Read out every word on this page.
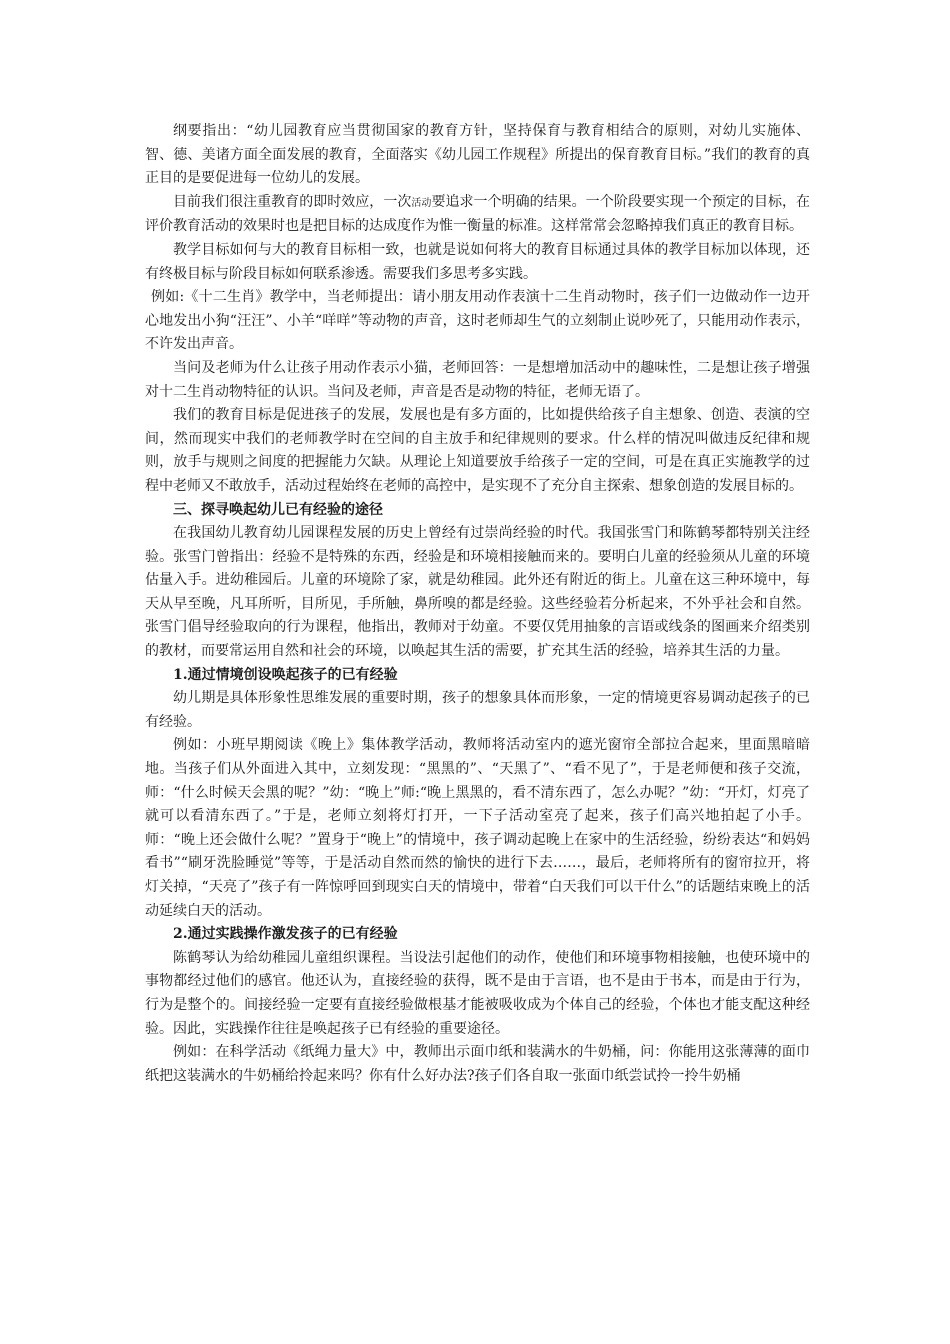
纲要指出：“幼儿园教育应当贯彻国家的教育方针，坚持保育与教育相结合的原则，对幼儿实施体、智、德、美诸方面全面发展的教育，全面落实《幼儿园工作规程》所提出的保育教育目标。”我们的教育的真正目的是要促进每一位幼儿的发展。

目前我们很注重教育的即时效应，一次活动要追求一个明确的结果。一个阶段要实现一个预定的目标，在评价教育活动的效果时也是把目标的达成度作为惟一衡量的标准。这样常常会忽略掉我们真正的教育目标。

教学目标如何与大的教育目标相一致，也就是说如何将大的教育目标通过具体的教学目标加以体现，还有终极目标与阶段目标如何联系渗透。需要我们多思考多实践。

例如:《十二生肖》教学中，当老师提出：请小朋友用动作表演十二生肖动物时，孩子们一边做动作一边开心地发出小狗“汪汪”、小羊“咩咩”等动物的声音，这时老师却生气的立刻制止说吵死了，只能用动作表示，不许发出声音。

当问及老师为什么让孩子用动作表示小猫，老师回答：一是想增加活动中的趣味性，二是想让孩子增强对十二生肖动物特征的认识。当问及老师，声音是否是动物的特征，老师无语了。

我们的教育目标是促进孩子的发展，发展也是有多方面的，比如提供给孩子自主想象、创造、表演的空间，然而现实中我们的老师教学时在空间的自主放手和纪律规则的要求。什么样的情况叫做违反纪律和规则，放手与规则之间度的把握能力欠缺。从理论上知道要放手给孩子一定的空间，可是在真正实施教学的过程中老师又不敢放手，活动过程始终在老师的高控中，是实现不了充分自主探索、想象创造的发展目标的。

三、探寻唤起幼儿已有经验的途径

在我国幼儿教育幼儿园课程发展的历史上曾经有过崇尚经验的时代。我国张雪门和陈鹤琴都特别关注经验。张雪门曾指出：经验不是特殊的东西，经验是和环境相接触而来的。要明白儿童的经验须从儿童的环境估量入手。进幼稚园后。儿童的环境除了家，就是幼稚园。此外还有附近的街上。儿童在这三种环境中，每天从早至晚，凡耳所听，目所见，手所触，鼻所嗅的都是经验。这些经验若分析起来，不外乎社会和自然。张雪门倡导经验取向的行为课程，他指出，教师对于幼童。不要仅凭用抽象的言语或线条的图画来介绍类别的教材，而要常运用自然和社会的环境，以唤起其生活的需要，扩充其生活的经验，培养其生活的力量。

1.通过情境创设唤起孩子的已有经验

幼儿期是具体形象性思维发展的重要时期，孩子的想象具体而形象，一定的情境更容易调动起孩子的已有经验。

例如：小班早期阅读《晚上》集体教学活动，教师将活动室内的遮光窗帘全部拉合起来，里面黑暗暗地。当孩子们从外面进入其中，立刻发现：“黑黑的”、“天黑了”、“看不见了”，于是老师便和孩子交流，师：“什么时候天会黑的呢？”幼：“晚上”师:“晚上黑黑的，看不清东西了，怎么办呢？”幼：“开灯，灯亮了就可以看清东西了。”于是，老师立刻将灯打开，一下子活动室亮了起来，孩子们高兴地拍起了小手。师：“晚上还会做什么呢？”置身于“晚上”的情境中，孩子调动起晚上在家中的生活经验，纷纷表达“和妈妈看书”“刷牙洗脸睡觉”等等，于是活动自然而然的愉快的进行下去……，最后，老师将所有的窗帘拉开，将灯关掉，“天亮了”孩子有一阵惊呼回到现实白天的情境中，带着“白天我们可以干什么”的话题结束晚上的活动延续白天的活动。

2.通过实践操作激发孩子的已有经验

陈鹤琴认为给幼稚园儿童组织课程。当设法引起他们的动作，使他们和环境事物相接触，也使环境中的事物都经过他们的感官。他还认为，直接经验的获得，既不是由于言语，也不是由于书本，而是由于行为，行为是整个的。间接经验一定要有直接经验做根基才能被吸收成为个体自己的经验，个体也才能支配这种经验。因此，实践操作往往是唤起孩子已有经验的重要途径。

例如：在科学活动《纸绳力量大》中，教师出示面巾纸和装满水的牛奶桶，问：你能用这张薄薄的面巾纸把这装满水的牛奶桶给拎起来吗？你有什么好办法?孩子们各自取一张面巾纸尝试拎一拎牛奶桶
